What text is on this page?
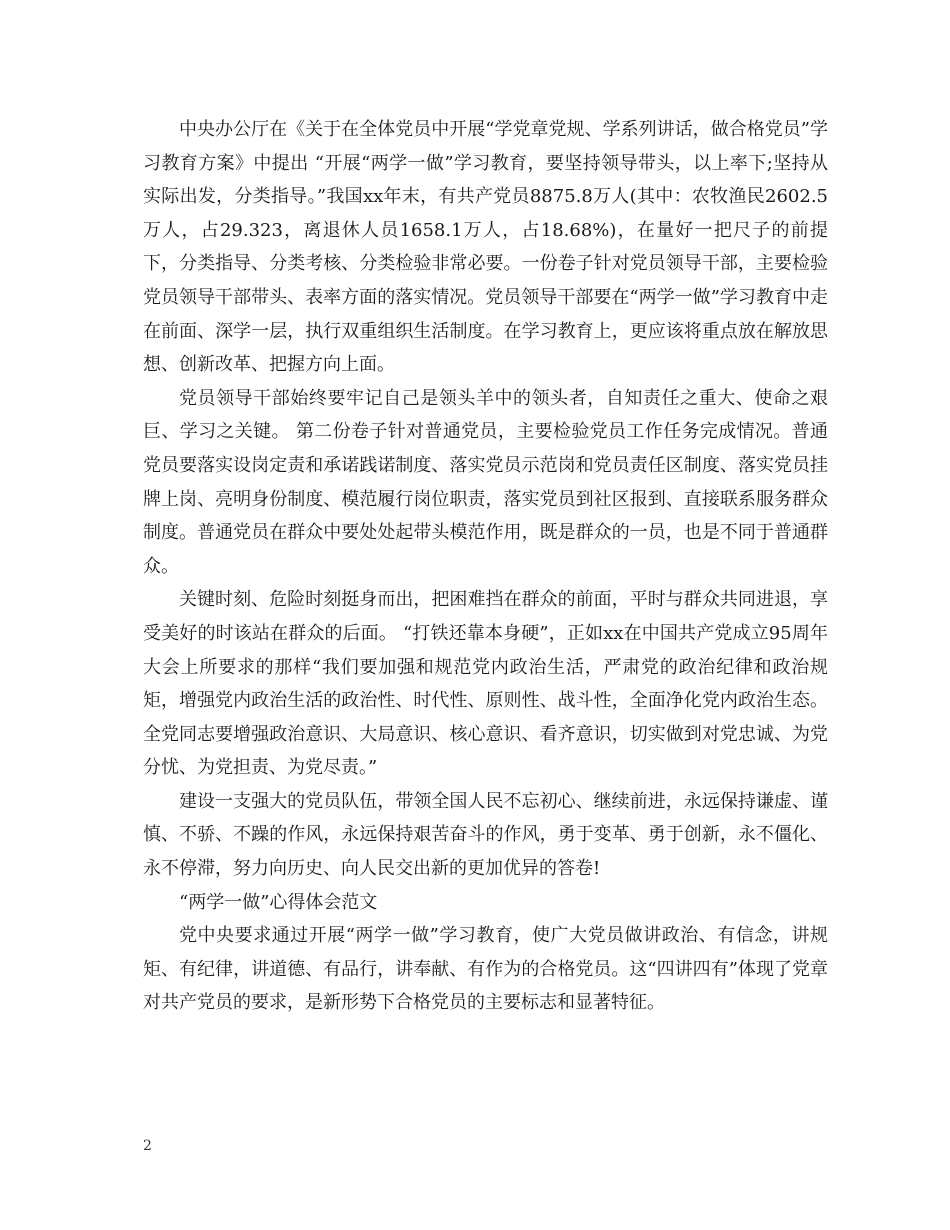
中央办公厅在《关于在全体党员中开展“学党章党规、学系列讲话，做合格党员”学习教育方案》中提出 “开展“两学一做”学习教育，要坚持领导带头，以上率下;坚持从实际出发，分类指导。”我国xx年末，有共产党员8875.8万人(其中：农牧渔民2602.5万人，占29.323，离退休人员1658.1万人，占18.68%)，在量好一把尺子的前提下，分类指导、分类考核、分类检验非常必要。一份卷子针对党员领导干部，主要检验党员领导干部带头、表率方面的落实情况。党员领导干部要在“两学一做”学习教育中走在前面、深学一层，执行双重组织生活制度。在学习教育上，更应该将重点放在解放思想、创新改革、把握方向上面。

党员领导干部始终要牢记自己是领头羊中的领头者，自知责任之重大、使命之艰巨、学习之关键。 第二份卷子针对普通党员，主要检验党员工作任务完成情况。普通党员要落实设岗定责和承诺践诺制度、落实党员示范岗和党员责任区制度、落实党员挂牌上岗、亮明身份制度、模范履行岗位职责，落实党员到社区报到、直接联系服务群众制度。普通党员在群众中要处处起带头模范作用，既是群众的一员，也是不同于普通群众。

关键时刻、危险时刻挺身而出，把困难挡在群众的前面，平时与群众共同进退，享受美好的时该站在群众的后面。 “打铁还靠本身硬”，正如xx在中国共产党成立95周年大会上所要求的那样“我们要加强和规范党内政治生活，严肃党的政治纪律和政治规矩，增强党内政治生活的政治性、时代性、原则性、战斗性，全面净化党内政治生态。全党同志要增强政治意识、大局意识、核心意识、看齐意识，切实做到对党忠诚、为党分忧、为党担责、为党尽责。”

建设一支强大的党员队伍，带领全国人民不忘初心、继续前进，永远保持谦虚、谨慎、不骄、不躁的作风，永远保持艰苦奋斗的作风，勇于变革、勇于创新，永不僵化、永不停滞，努力向历史、向人民交出新的更加优异的答卷!

“两学一做”心得体会范文

党中央要求通过开展“两学一做”学习教育，使广大党员做讲政治、有信念，讲规矩、有纪律，讲道德、有品行，讲奉献、有作为的合格党员。这“四讲四有”体现了党章对共产党员的要求，是新形势下合格党员的主要标志和显著特征。

2
